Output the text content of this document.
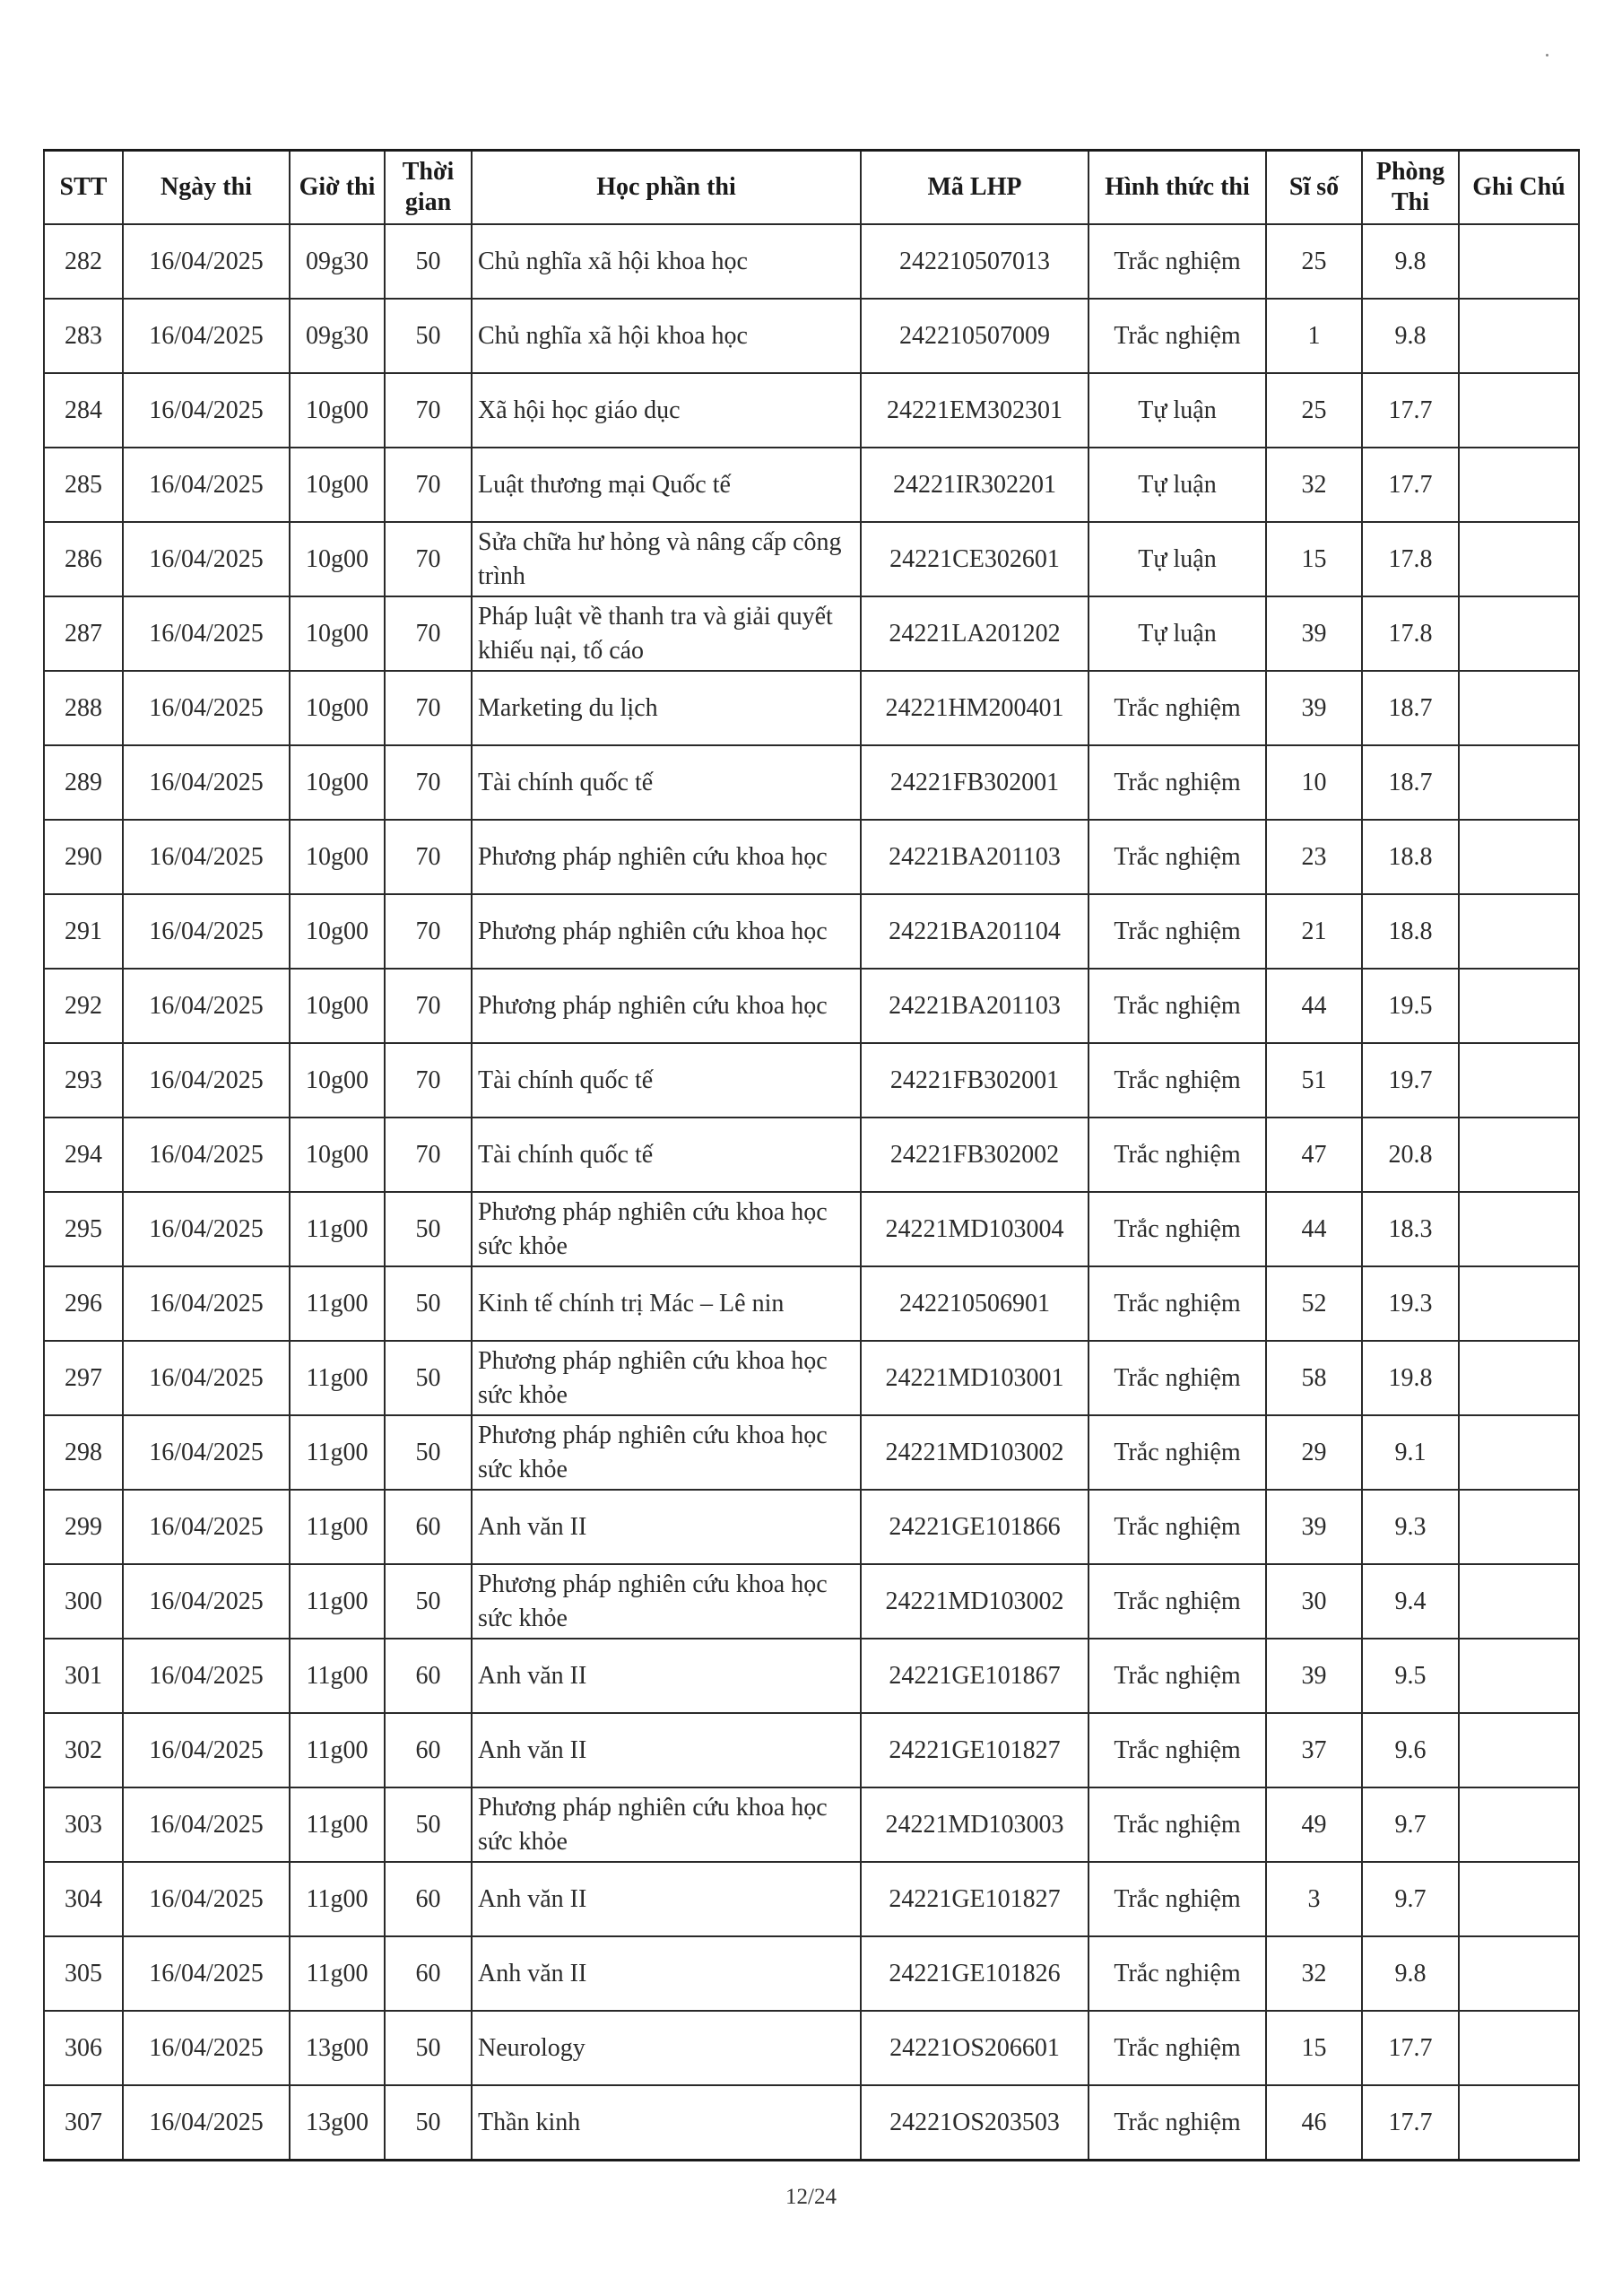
STT	Ngày thi	Giờ thi	Thời gian	Học phần thi	Mã LHP	Hình thức thi	Sĩ số	Phòng Thi	Ghi Chú
282	16/04/2025	09g30	50	Chủ nghĩa xã hội khoa học	242210507013	Trắc nghiệm	25	9.8	
283	16/04/2025	09g30	50	Chủ nghĩa xã hội khoa học	242210507009	Trắc nghiệm	1	9.8	
284	16/04/2025	10g00	70	Xã hội học giáo dục	24221EM302301	Tự luận	25	17.7	
285	16/04/2025	10g00	70	Luật thương mại Quốc tế	24221IR302201	Tự luận	32	17.7	
286	16/04/2025	10g00	70	Sửa chữa hư hỏng và nâng cấp công trình	24221CE302601	Tự luận	15	17.8	
287	16/04/2025	10g00	70	Pháp luật về thanh tra và giải quyết khiếu nại, tố cáo	24221LA201202	Tự luận	39	17.8	
288	16/04/2025	10g00	70	Marketing du lịch	24221HM200401	Trắc nghiệm	39	18.7	
289	16/04/2025	10g00	70	Tài chính quốc tế	24221FB302001	Trắc nghiệm	10	18.7	
290	16/04/2025	10g00	70	Phương pháp nghiên cứu khoa học	24221BA201103	Trắc nghiệm	23	18.8	
291	16/04/2025	10g00	70	Phương pháp nghiên cứu khoa học	24221BA201104	Trắc nghiệm	21	18.8	
292	16/04/2025	10g00	70	Phương pháp nghiên cứu khoa học	24221BA201103	Trắc nghiệm	44	19.5	
293	16/04/2025	10g00	70	Tài chính quốc tế	24221FB302001	Trắc nghiệm	51	19.7	
294	16/04/2025	10g00	70	Tài chính quốc tế	24221FB302002	Trắc nghiệm	47	20.8	
295	16/04/2025	11g00	50	Phương pháp nghiên cứu khoa học sức khỏe	24221MD103004	Trắc nghiệm	44	18.3	
296	16/04/2025	11g00	50	Kinh tế chính trị Mác – Lê nin	242210506901	Trắc nghiệm	52	19.3	
297	16/04/2025	11g00	50	Phương pháp nghiên cứu khoa học sức khỏe	24221MD103001	Trắc nghiệm	58	19.8	
298	16/04/2025	11g00	50	Phương pháp nghiên cứu khoa học sức khỏe	24221MD103002	Trắc nghiệm	29	9.1	
299	16/04/2025	11g00	60	Anh văn II	24221GE101866	Trắc nghiệm	39	9.3	
300	16/04/2025	11g00	50	Phương pháp nghiên cứu khoa học sức khỏe	24221MD103002	Trắc nghiệm	30	9.4	
301	16/04/2025	11g00	60	Anh văn II	24221GE101867	Trắc nghiệm	39	9.5	
302	16/04/2025	11g00	60	Anh văn II	24221GE101827	Trắc nghiệm	37	9.6	
303	16/04/2025	11g00	50	Phương pháp nghiên cứu khoa học sức khỏe	24221MD103003	Trắc nghiệm	49	9.7	
304	16/04/2025	11g00	60	Anh văn II	24221GE101827	Trắc nghiệm	3	9.7	
305	16/04/2025	11g00	60	Anh văn II	24221GE101826	Trắc nghiệm	32	9.8	
306	16/04/2025	13g00	50	Neurology	24221OS206601	Trắc nghiệm	15	17.7	
307	16/04/2025	13g00	50	Thần kinh	24221OS203503	Trắc nghiệm	46	17.7	
12/24
